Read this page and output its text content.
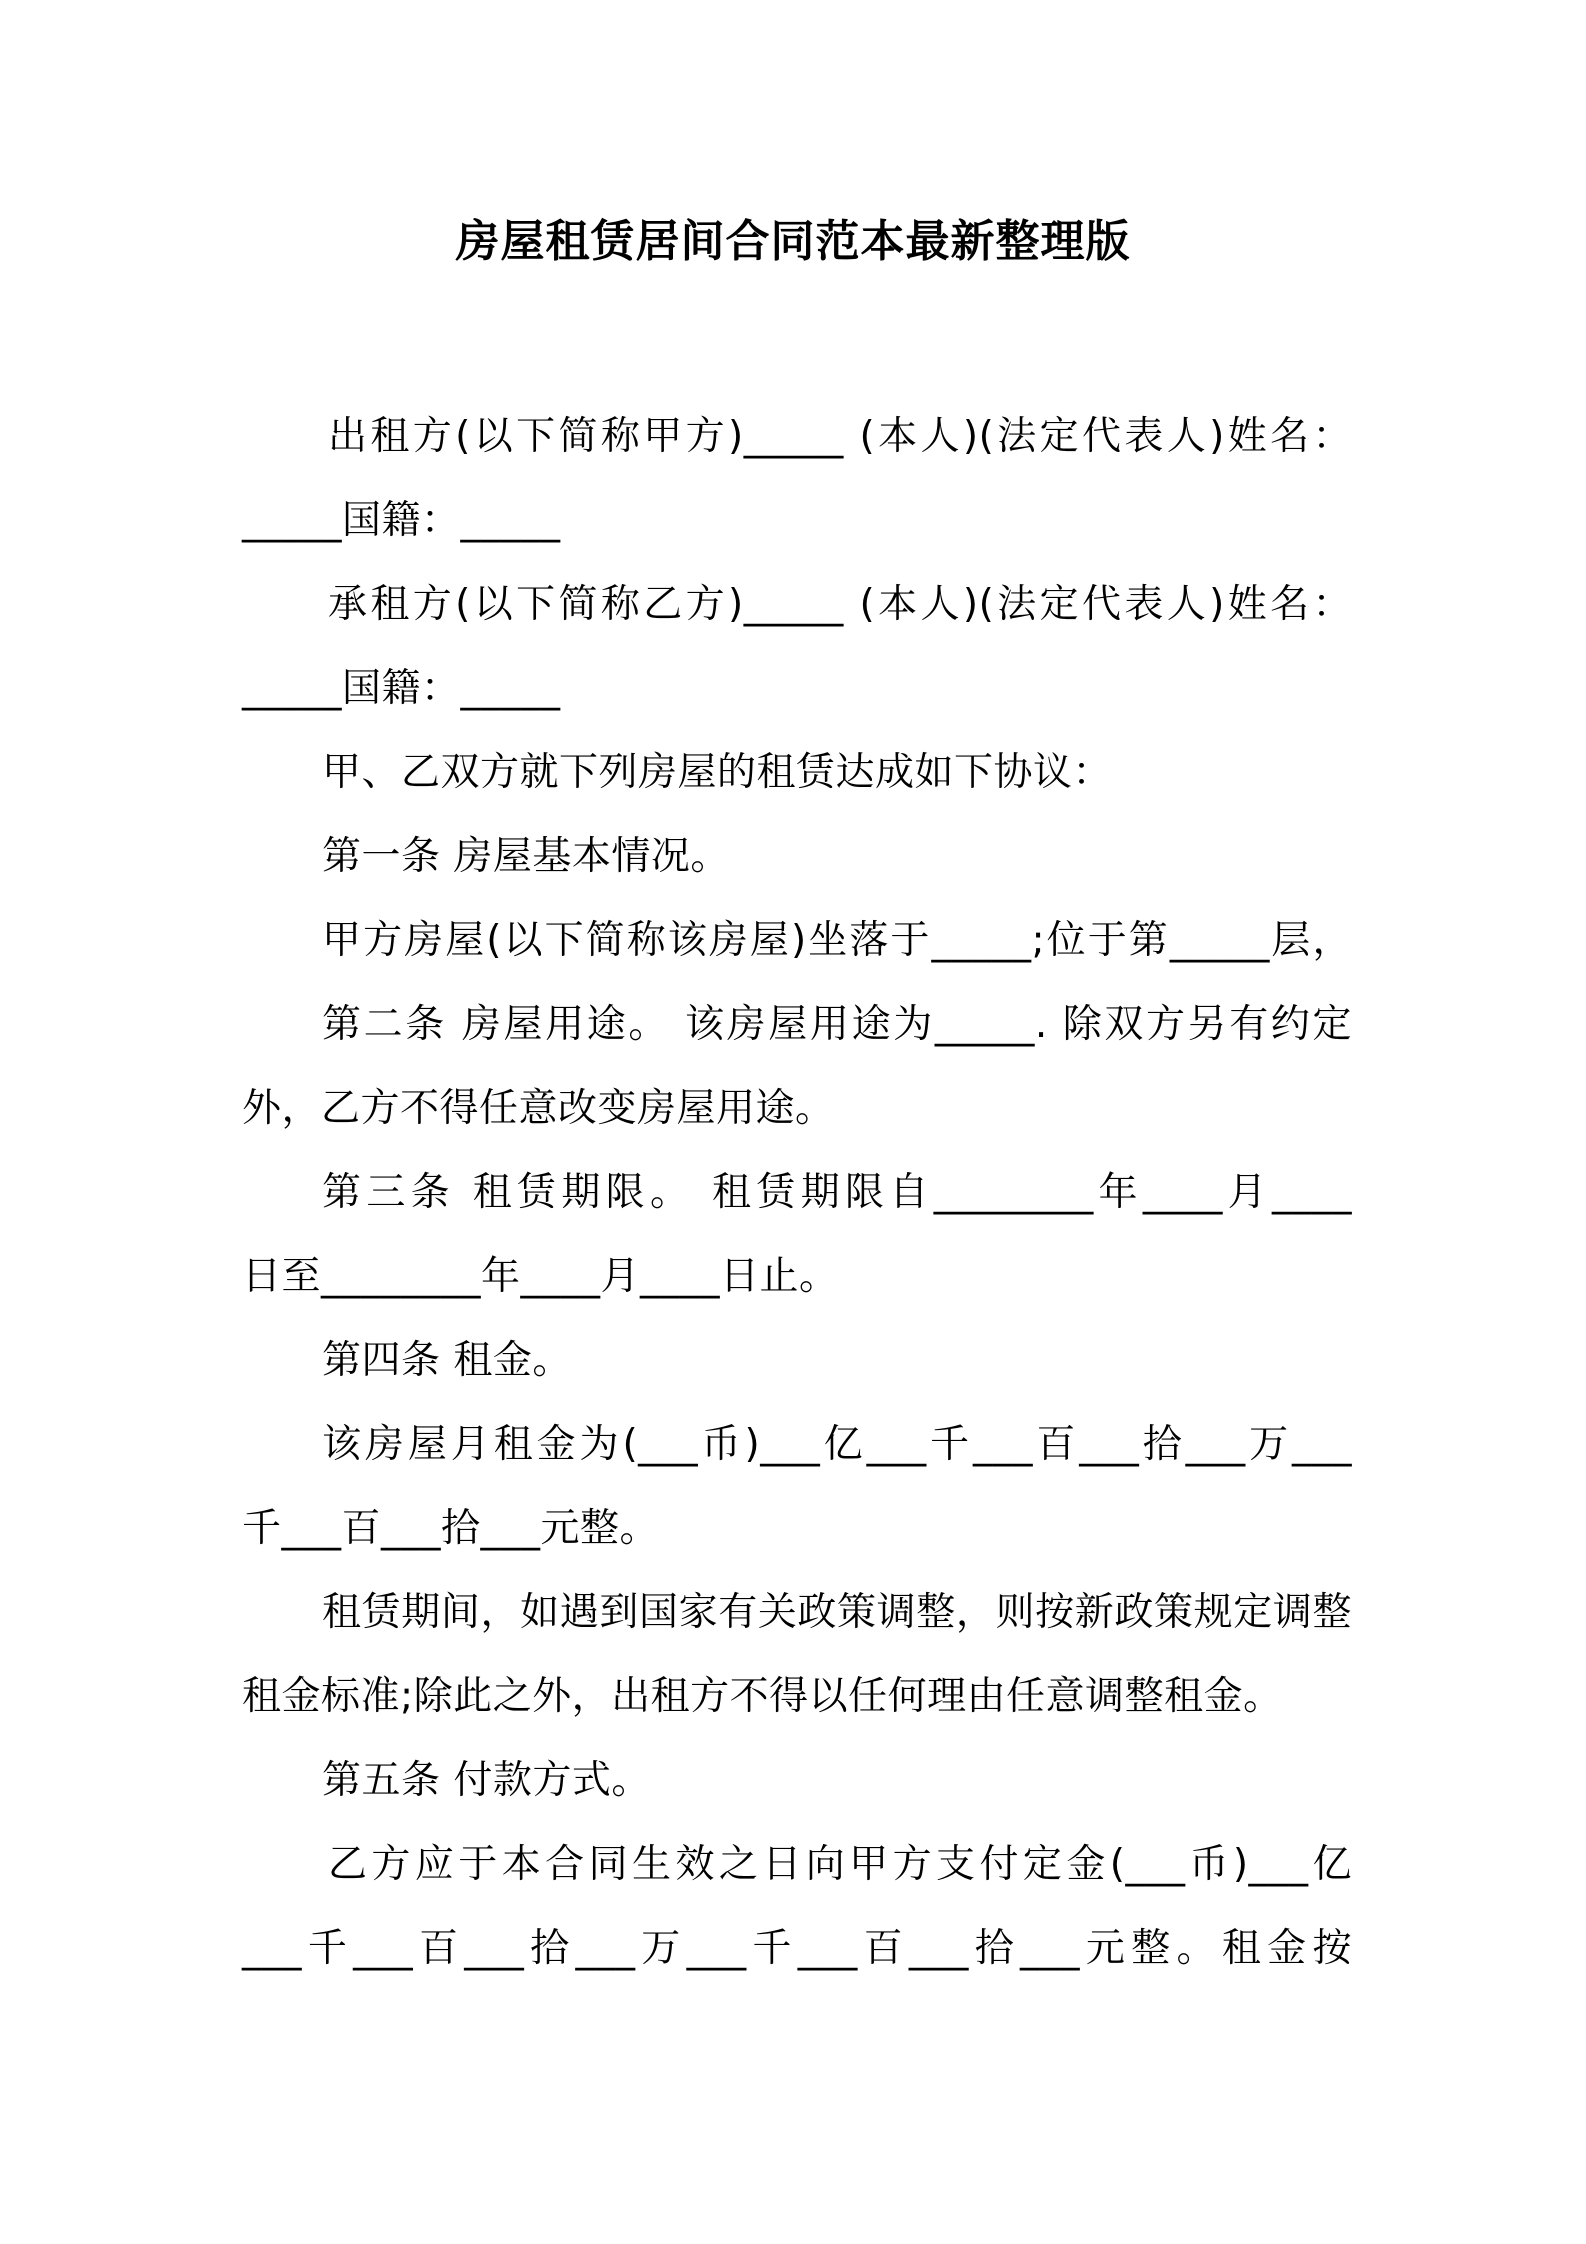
房屋租赁居间合同范本最新整理版
出租方(以下简称甲方)_____ (本人)(法定代表人)姓名：
_____国籍：_____
承租方(以下简称乙方)_____ (本人)(法定代表人)姓名：
_____国籍：_____
甲、乙双方就下列房屋的租赁达成如下协议：
第一条 房屋基本情况。
甲方房屋(以下简称该房屋)坐落于_____;位于第_____层，
第二条 房屋用途。 该房屋用途为_____. 除双方另有约定
外，乙方不得任意改变房屋用途。
第三条 租赁期限。 租赁期限自________年____月____
日至________年____月____日止。
第四条 租金。
该房屋月租金为(___币)___亿___千___百___拾___万___
千___百___拾___元整。
租赁期间，如遇到国家有关政策调整，则按新政策规定调整
租金标准;除此之外，出租方不得以任何理由任意调整租金。
第五条 付款方式。
乙方应于本合同生效之日向甲方支付定金(___币)___亿
___千___百___拾___万___千___百___拾___元整。租金按
